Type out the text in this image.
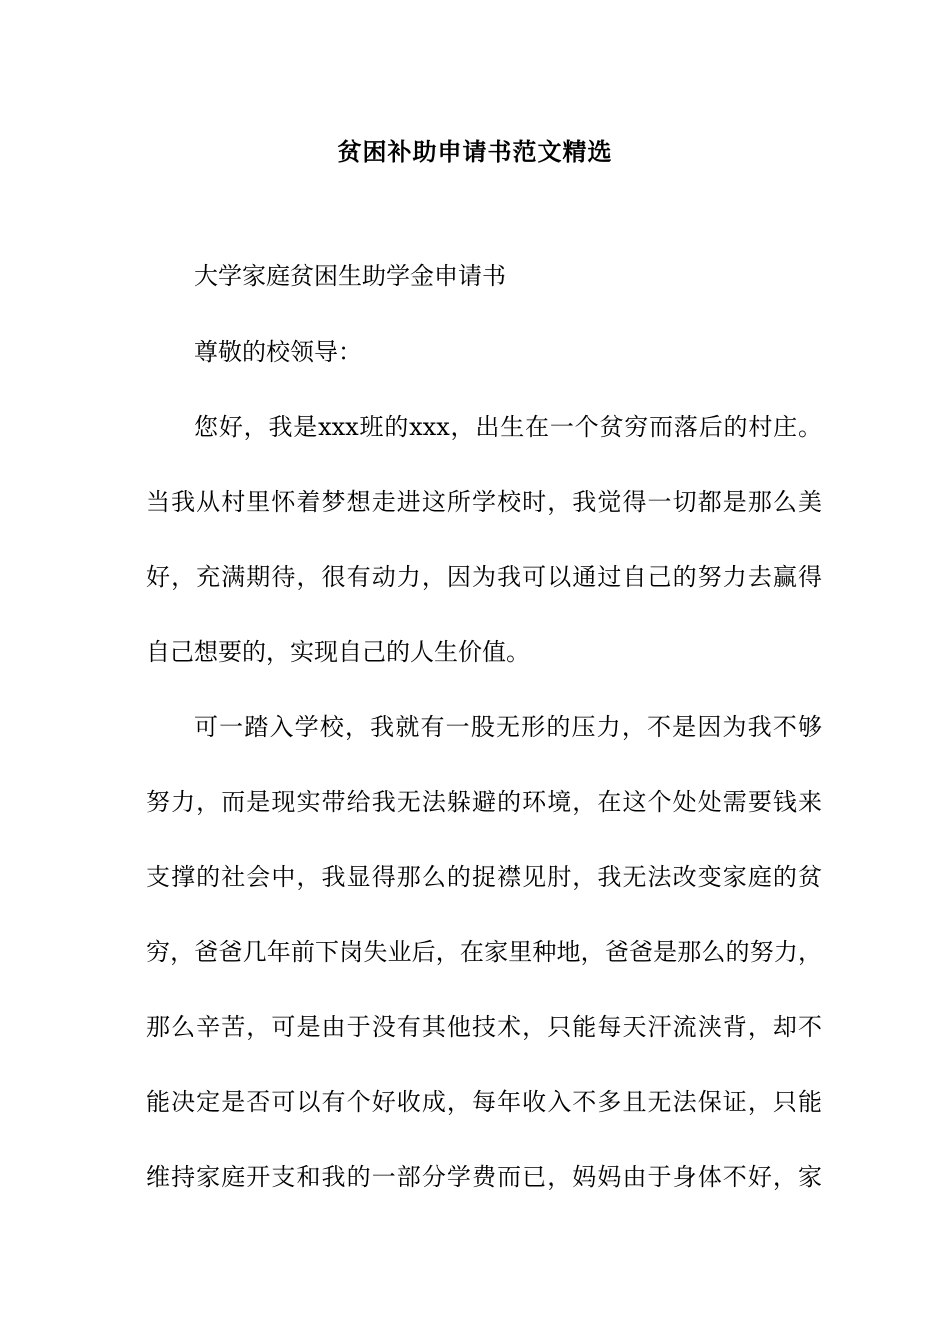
贫困补助申请书范文精选
大学家庭贫困生助学金申请书
尊敬的校领导：
您好，我是xxx班的xxx，出生在一个贫穷而落后的村庄。
当我从村里怀着梦想走进这所学校时，我觉得一切都是那么美
好，充满期待，很有动力，因为我可以通过自己的努力去赢得
自己想要的，实现自己的人生价值。
可一踏入学校，我就有一股无形的压力，不是因为我不够
努力，而是现实带给我无法躲避的环境，在这个处处需要钱来
支撑的社会中，我显得那么的捉襟见肘，我无法改变家庭的贫
穷，爸爸几年前下岗失业后，在家里种地，爸爸是那么的努力，
那么辛苦，可是由于没有其他技术，只能每天汗流浃背，却不
能决定是否可以有个好收成，每年收入不多且无法保证，只能
维持家庭开支和我的一部分学费而已，妈妈由于身体不好，家
